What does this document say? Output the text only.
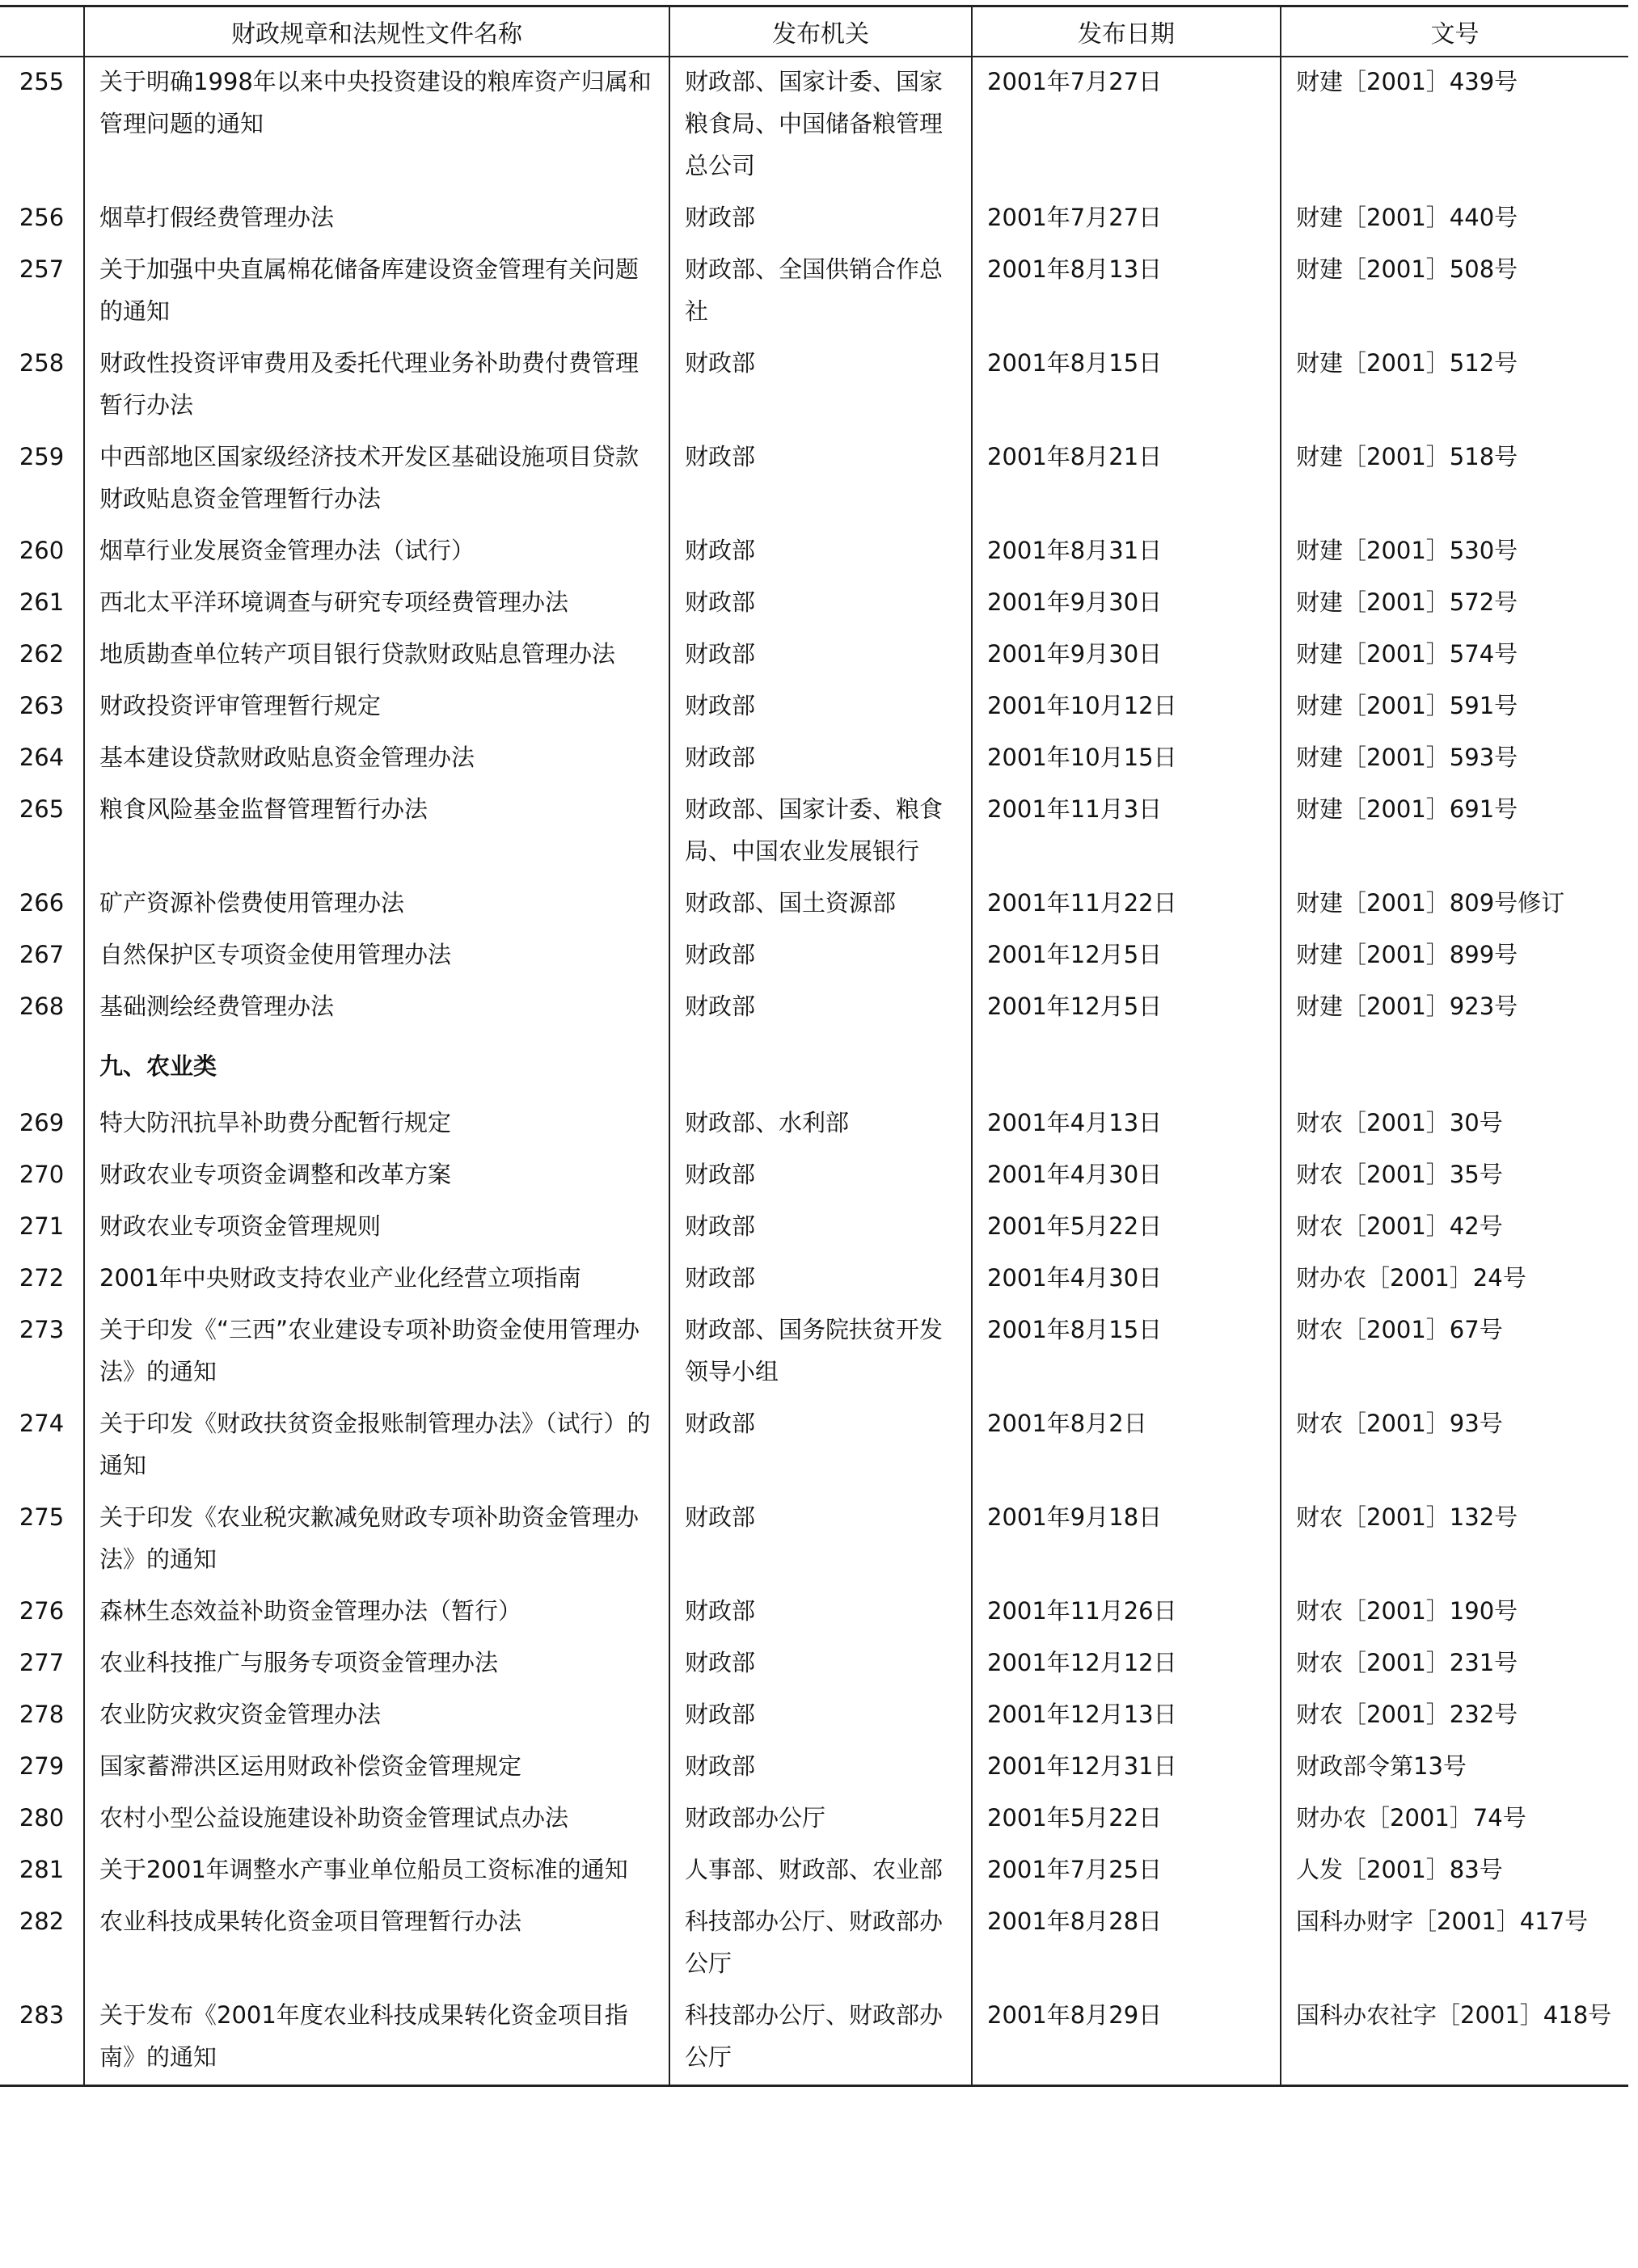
	财政规章和法规性文件名称	发布机关	发布日期	文号
255	关于明确1998年以来中央投资建设的粮库资产归属和管理问题的通知	财政部、国家计委、国家粮食局、中国储备粮管理总公司	2001年7月27日	财建［2001］439号
256	烟草打假经费管理办法	财政部	2001年7月27日	财建［2001］440号
257	关于加强中央直属棉花储备库建设资金管理有关问题的通知	财政部、全国供销合作总社	2001年8月13日	财建［2001］508号
258	财政性投资评审费用及委托代理业务补助费付费管理暂行办法	财政部	2001年8月15日	财建［2001］512号
259	中西部地区国家级经济技术开发区基础设施项目贷款财政贴息资金管理暂行办法	财政部	2001年8月21日	财建［2001］518号
260	烟草行业发展资金管理办法（试行）	财政部	2001年8月31日	财建［2001］530号
261	西北太平洋环境调查与研究专项经费管理办法	财政部	2001年9月30日	财建［2001］572号
262	地质勘查单位转产项目银行贷款财政贴息管理办法	财政部	2001年9月30日	财建［2001］574号
263	财政投资评审管理暂行规定	财政部	2001年10月12日	财建［2001］591号
264	基本建设贷款财政贴息资金管理办法	财政部	2001年10月15日	财建［2001］593号
265	粮食风险基金监督管理暂行办法	财政部、国家计委、粮食局、中国农业发展银行	2001年11月3日	财建［2001］691号
266	矿产资源补偿费使用管理办法	财政部、国土资源部	2001年11月22日	财建［2001］809号修订
267	自然保护区专项资金使用管理办法	财政部	2001年12月5日	财建［2001］899号
268	基础测绘经费管理办法	财政部	2001年12月5日	财建［2001］923号
	九、农业类			
269	特大防汛抗旱补助费分配暂行规定	财政部、水利部	2001年4月13日	财农［2001］30号
270	财政农业专项资金调整和改革方案	财政部	2001年4月30日	财农［2001］35号
271	财政农业专项资金管理规则	财政部	2001年5月22日	财农［2001］42号
272	2001年中央财政支持农业产业化经营立项指南	财政部	2001年4月30日	财办农［2001］24号
273	关于印发《“三西”农业建设专项补助资金使用管理办法》的通知	财政部、国务院扶贫开发领导小组	2001年8月15日	财农［2001］67号
274	关于印发《财政扶贫资金报账制管理办法》（试行）的通知	财政部	2001年8月2日	财农［2001］93号
275	关于印发《农业税灾歉减免财政专项补助资金管理办法》的通知	财政部	2001年9月18日	财农［2001］132号
276	森林生态效益补助资金管理办法（暂行）	财政部	2001年11月26日	财农［2001］190号
277	农业科技推广与服务专项资金管理办法	财政部	2001年12月12日	财农［2001］231号
278	农业防灾救灾资金管理办法	财政部	2001年12月13日	财农［2001］232号
279	国家蓄滞洪区运用财政补偿资金管理规定	财政部	2001年12月31日	财政部令第13号
280	农村小型公益设施建设补助资金管理试点办法	财政部办公厅	2001年5月22日	财办农［2001］74号
281	关于2001年调整水产事业单位船员工资标准的通知	人事部、财政部、农业部	2001年7月25日	人发［2001］83号
282	农业科技成果转化资金项目管理暂行办法	科技部办公厅、财政部办公厅	2001年8月28日	国科办财字［2001］417号
283	关于发布《2001年度农业科技成果转化资金项目指南》的通知	科技部办公厅、财政部办公厅	2001年8月29日	国科办农社字［2001］418号
